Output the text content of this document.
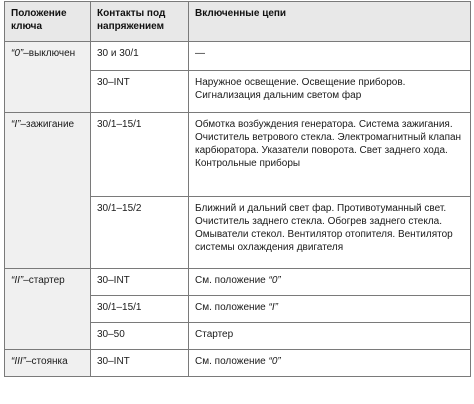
Положение ключа	Контакты под напряжением	Включенные цепи
“0”–выключен	30 и 30/1	—
	30–INT	Наружное освещение. Освещение приборов. Сигнализация дальним светом фар
“I”–зажигание	30/1–15/1	Обмотка возбуждения генератора. Система зажигания. Очиститель ветрового стекла. Электромагнитный клапан карбюратора. Указатели поворота. Свет заднего хода. Контрольные приборы
	30/1–15/2	Ближний и дальний свет фар. Противотуманный свет. Очиститель заднего стекла. Обогрев заднего стекла. Омыватели стекол. Вентилятор отопителя. Вентилятор системы охлаждения двигателя
“II”–стартер	30–INT	См. положение “0”
	30/1–15/1	См. положение “I”
	30–50	Стартер
“III”–стоянка	30–INT	См. положение “0”
